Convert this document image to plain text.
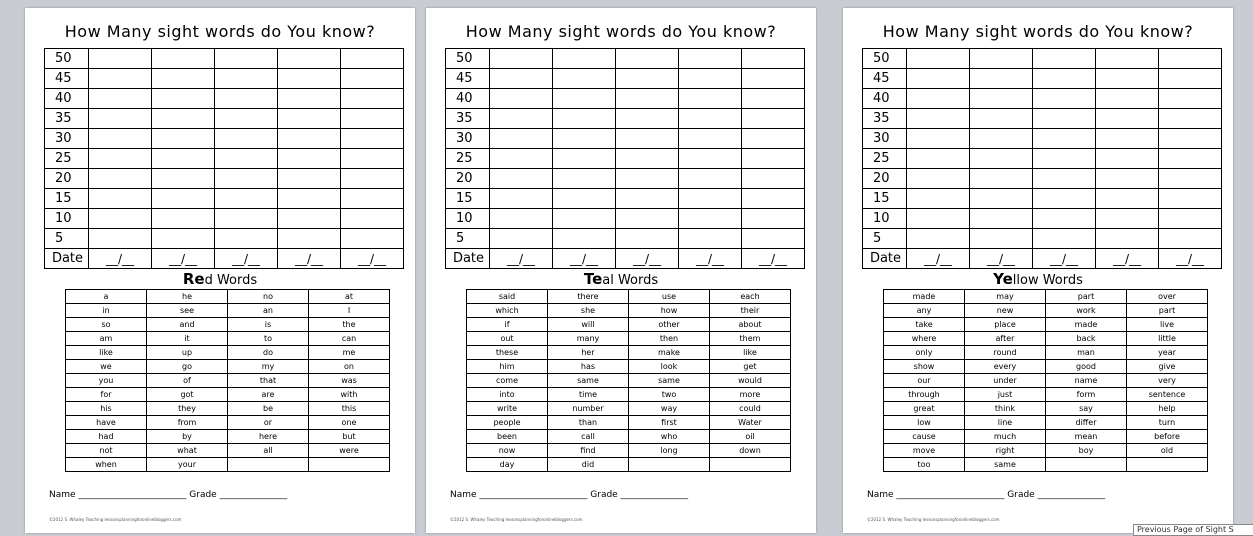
How Many sight words do You know?
50					
45					
40					
35					
30					
25					
20					
15					
10					
5					
Date	__/__	__/__	__/__	__/__	__/__
Red Words
a	he	no	at
in	see	an	I
so	and	is	the
am	it	to	can
like	up	do	me
we	go	my	on
you	of	that	was
for	got	are	with
his	they	be	this
have	from	or	one
had	by	here	but
not	what	all	were
when	your		
Name ________________________ Grade _______________
©2012 S. Whaley Teaching lessonsplanningforonlinebloggers.com
How Many sight words do You know?
50					
45					
40					
35					
30					
25					
20					
15					
10					
5					
Date	__/__	__/__	__/__	__/__	__/__
Teal Words
said	there	use	each
which	she	how	their
if	will	other	about
out	many	then	them
these	her	make	like
him	has	look	get
come	same	same	would
into	time	two	more
write	number	way	could
people	than	first	Water
been	call	who	oil
now	find	long	down
day	did		
Name ________________________ Grade _______________
©2012 S. Whaley Teaching lessonsplanningforonlinebloggers.com
How Many sight words do You know?
50					
45					
40					
35					
30					
25					
20					
15					
10					
5					
Date	__/__	__/__	__/__	__/__	__/__
Yellow Words
made	may	part	over
any	new	work	part
take	place	made	live
where	after	back	little
only	round	man	year
show	every	good	give
our	under	name	very
through	just	form	sentence
great	think	say	help
low	line	differ	turn
cause	much	mean	before
move	right	boy	old
too	same		
Name ________________________ Grade _______________
©2012 S. Whaley Teaching lessonsplanningforonlinebloggers.com
Previous Page of Sight S
